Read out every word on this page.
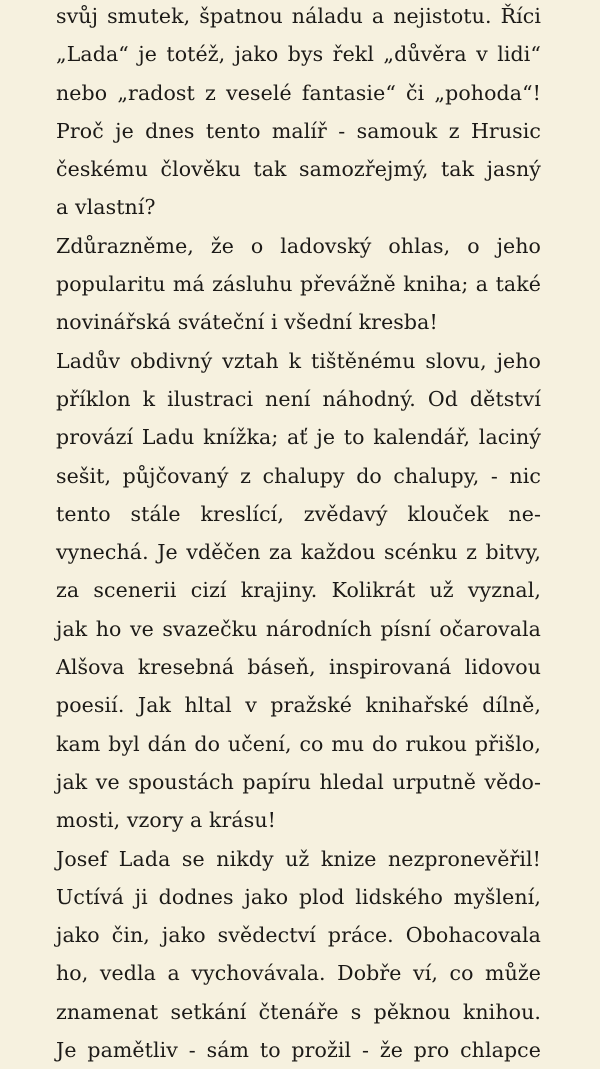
svůj smutek, špatnou náladu a nejistotu. Říci
„Lada“ je totéž, jako bys řekl „důvěra v lidi“
nebo „radost z veselé fantasie“ či „pohoda“!
Proč je dnes tento malíř - samouk z Hrusic
českému člověku tak samozřejmý, tak jasný
a vlastní?
Zdůrazněme, že o ladovský ohlas, o jeho
popularitu má zásluhu převážně kniha; a také
novinářská sváteční i všední kresba!
Ladův obdivný vztah k tištěnému slovu, jeho
příklon k ilustraci není náhodný. Od dětství
provází Ladu knížka; ať je to kalendář, laciný
sešit, půjčovaný z chalupy do chalupy, - nic
tento stále kreslící, zvědavý klouček ne-
vynechá. Je vděčen za každou scénku z bitvy,
za scenerii cizí krajiny. Kolikrát už vyznal,
jak ho ve svazečku národních písní očarovala
Alšova kresebná báseň, inspirovaná lidovou
poesií. Jak hltal v pražské knihařské dílně,
kam byl dán do učení, co mu do rukou přišlo,
jak ve spoustách papíru hledal urputně vědo-
mosti, vzory a krásu!
Josef Lada se nikdy už knize nezpronevěřil!
Uctívá ji dodnes jako plod lidského myšlení,
jako čin, jako svědectví práce. Obohacovala
ho, vedla a vychovávala. Dobře ví, co může
znamenat setkání čtenáře s pěknou knihou.
Je pamětliv - sám to prožil - že pro chlapce
